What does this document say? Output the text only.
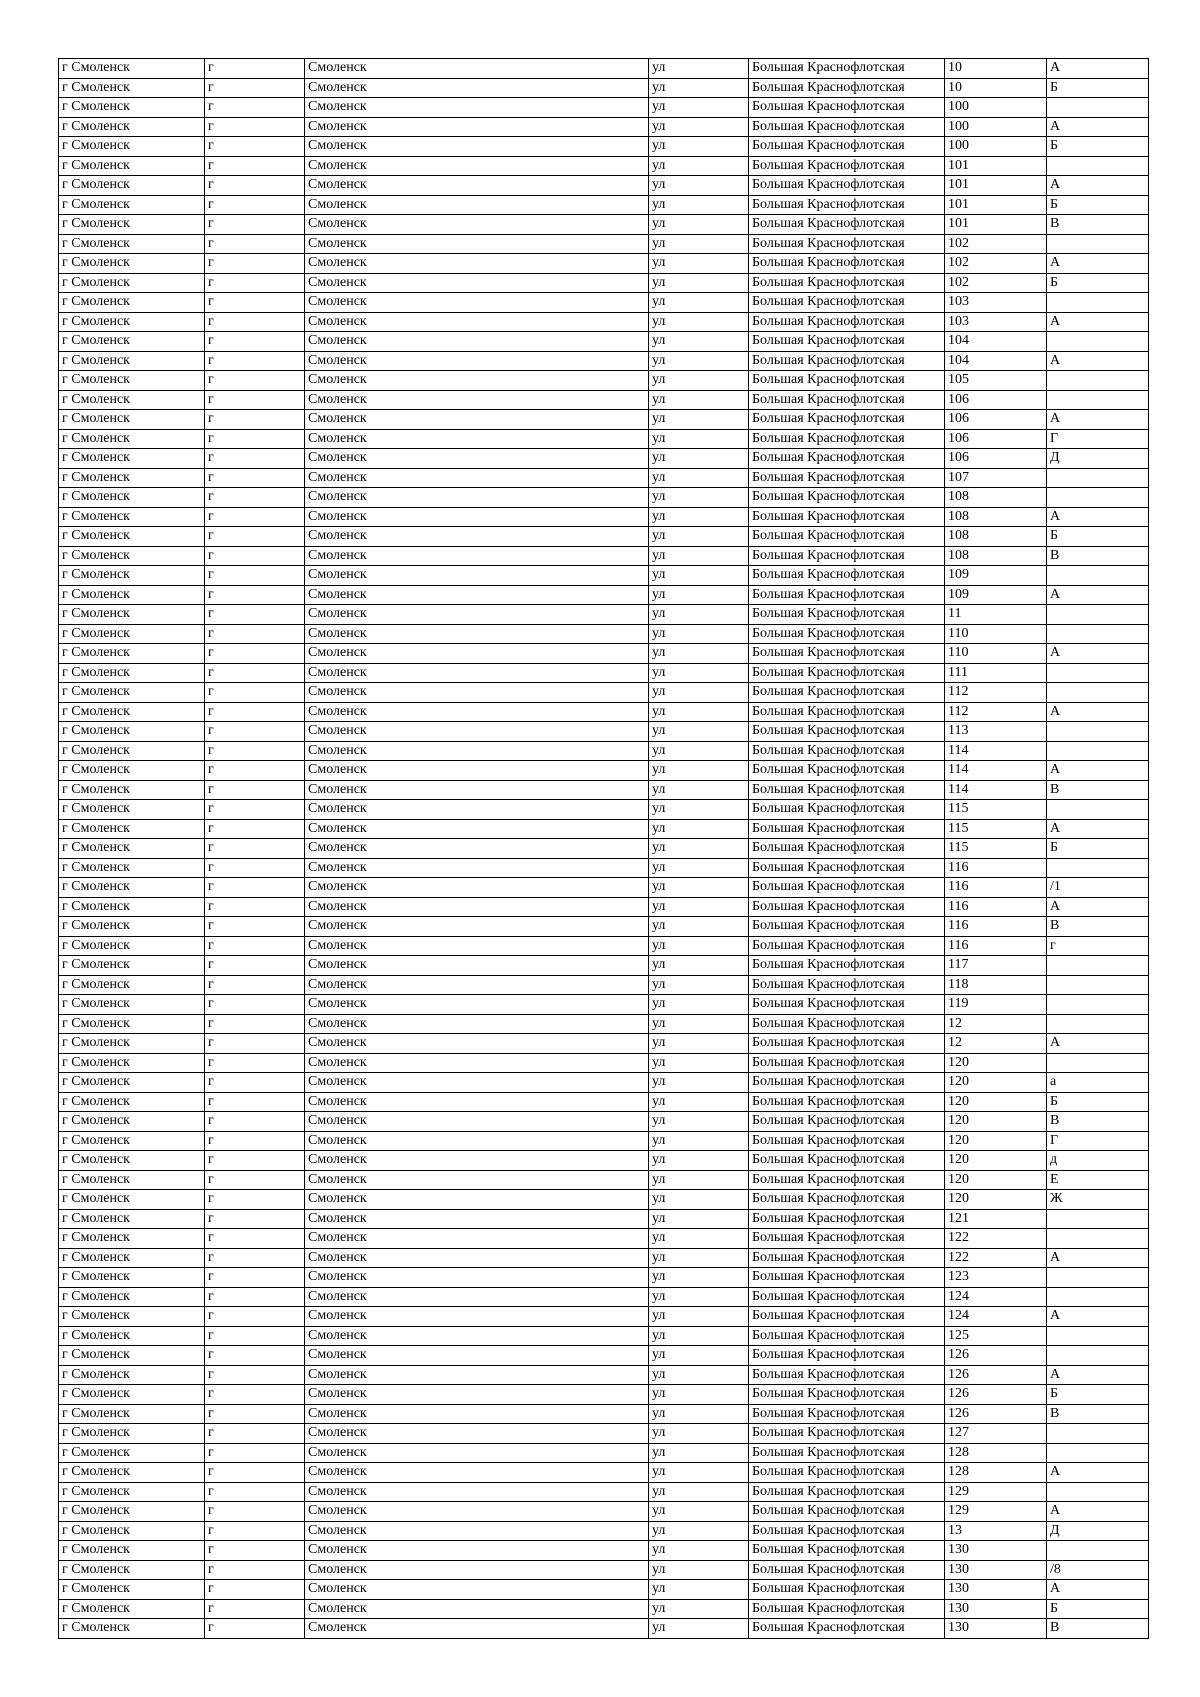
г Смоленск	г	Смоленск	ул	Большая Краснофлотская	10	А
г Смоленск	г	Смоленск	ул	Большая Краснофлотская	10	Б
г Смоленск	г	Смоленск	ул	Большая Краснофлотская	100	
г Смоленск	г	Смоленск	ул	Большая Краснофлотская	100	А
г Смоленск	г	Смоленск	ул	Большая Краснофлотская	100	Б
г Смоленск	г	Смоленск	ул	Большая Краснофлотская	101	
г Смоленск	г	Смоленск	ул	Большая Краснофлотская	101	А
г Смоленск	г	Смоленск	ул	Большая Краснофлотская	101	Б
г Смоленск	г	Смоленск	ул	Большая Краснофлотская	101	В
г Смоленск	г	Смоленск	ул	Большая Краснофлотская	102	
г Смоленск	г	Смоленск	ул	Большая Краснофлотская	102	А
г Смоленск	г	Смоленск	ул	Большая Краснофлотская	102	Б
г Смоленск	г	Смоленск	ул	Большая Краснофлотская	103	
г Смоленск	г	Смоленск	ул	Большая Краснофлотская	103	А
г Смоленск	г	Смоленск	ул	Большая Краснофлотская	104	
г Смоленск	г	Смоленск	ул	Большая Краснофлотская	104	А
г Смоленск	г	Смоленск	ул	Большая Краснофлотская	105	
г Смоленск	г	Смоленск	ул	Большая Краснофлотская	106	
г Смоленск	г	Смоленск	ул	Большая Краснофлотская	106	А
г Смоленск	г	Смоленск	ул	Большая Краснофлотская	106	Г
г Смоленск	г	Смоленск	ул	Большая Краснофлотская	106	Д
г Смоленск	г	Смоленск	ул	Большая Краснофлотская	107	
г Смоленск	г	Смоленск	ул	Большая Краснофлотская	108	
г Смоленск	г	Смоленск	ул	Большая Краснофлотская	108	А
г Смоленск	г	Смоленск	ул	Большая Краснофлотская	108	Б
г Смоленск	г	Смоленск	ул	Большая Краснофлотская	108	В
г Смоленск	г	Смоленск	ул	Большая Краснофлотская	109	
г Смоленск	г	Смоленск	ул	Большая Краснофлотская	109	А
г Смоленск	г	Смоленск	ул	Большая Краснофлотская	11	
г Смоленск	г	Смоленск	ул	Большая Краснофлотская	110	
г Смоленск	г	Смоленск	ул	Большая Краснофлотская	110	А
г Смоленск	г	Смоленск	ул	Большая Краснофлотская	111	
г Смоленск	г	Смоленск	ул	Большая Краснофлотская	112	
г Смоленск	г	Смоленск	ул	Большая Краснофлотская	112	А
г Смоленск	г	Смоленск	ул	Большая Краснофлотская	113	
г Смоленск	г	Смоленск	ул	Большая Краснофлотская	114	
г Смоленск	г	Смоленск	ул	Большая Краснофлотская	114	А
г Смоленск	г	Смоленск	ул	Большая Краснофлотская	114	В
г Смоленск	г	Смоленск	ул	Большая Краснофлотская	115	
г Смоленск	г	Смоленск	ул	Большая Краснофлотская	115	А
г Смоленск	г	Смоленск	ул	Большая Краснофлотская	115	Б
г Смоленск	г	Смоленск	ул	Большая Краснофлотская	116	
г Смоленск	г	Смоленск	ул	Большая Краснофлотская	116	/1
г Смоленск	г	Смоленск	ул	Большая Краснофлотская	116	А
г Смоленск	г	Смоленск	ул	Большая Краснофлотская	116	В
г Смоленск	г	Смоленск	ул	Большая Краснофлотская	116	г
г Смоленск	г	Смоленск	ул	Большая Краснофлотская	117	
г Смоленск	г	Смоленск	ул	Большая Краснофлотская	118	
г Смоленск	г	Смоленск	ул	Большая Краснофлотская	119	
г Смоленск	г	Смоленск	ул	Большая Краснофлотская	12	
г Смоленск	г	Смоленск	ул	Большая Краснофлотская	12	А
г Смоленск	г	Смоленск	ул	Большая Краснофлотская	120	
г Смоленск	г	Смоленск	ул	Большая Краснофлотская	120	а
г Смоленск	г	Смоленск	ул	Большая Краснофлотская	120	Б
г Смоленск	г	Смоленск	ул	Большая Краснофлотская	120	В
г Смоленск	г	Смоленск	ул	Большая Краснофлотская	120	Г
г Смоленск	г	Смоленск	ул	Большая Краснофлотская	120	д
г Смоленск	г	Смоленск	ул	Большая Краснофлотская	120	Е
г Смоленск	г	Смоленск	ул	Большая Краснофлотская	120	Ж
г Смоленск	г	Смоленск	ул	Большая Краснофлотская	121	
г Смоленск	г	Смоленск	ул	Большая Краснофлотская	122	
г Смоленск	г	Смоленск	ул	Большая Краснофлотская	122	А
г Смоленск	г	Смоленск	ул	Большая Краснофлотская	123	
г Смоленск	г	Смоленск	ул	Большая Краснофлотская	124	
г Смоленск	г	Смоленск	ул	Большая Краснофлотская	124	А
г Смоленск	г	Смоленск	ул	Большая Краснофлотская	125	
г Смоленск	г	Смоленск	ул	Большая Краснофлотская	126	
г Смоленск	г	Смоленск	ул	Большая Краснофлотская	126	А
г Смоленск	г	Смоленск	ул	Большая Краснофлотская	126	Б
г Смоленск	г	Смоленск	ул	Большая Краснофлотская	126	В
г Смоленск	г	Смоленск	ул	Большая Краснофлотская	127	
г Смоленск	г	Смоленск	ул	Большая Краснофлотская	128	
г Смоленск	г	Смоленск	ул	Большая Краснофлотская	128	А
г Смоленск	г	Смоленск	ул	Большая Краснофлотская	129	
г Смоленск	г	Смоленск	ул	Большая Краснофлотская	129	А
г Смоленск	г	Смоленск	ул	Большая Краснофлотская	13	Д
г Смоленск	г	Смоленск	ул	Большая Краснофлотская	130	
г Смоленск	г	Смоленск	ул	Большая Краснофлотская	130	/8
г Смоленск	г	Смоленск	ул	Большая Краснофлотская	130	А
г Смоленск	г	Смоленск	ул	Большая Краснофлотская	130	Б
г Смоленск	г	Смоленск	ул	Большая Краснофлотская	130	В
